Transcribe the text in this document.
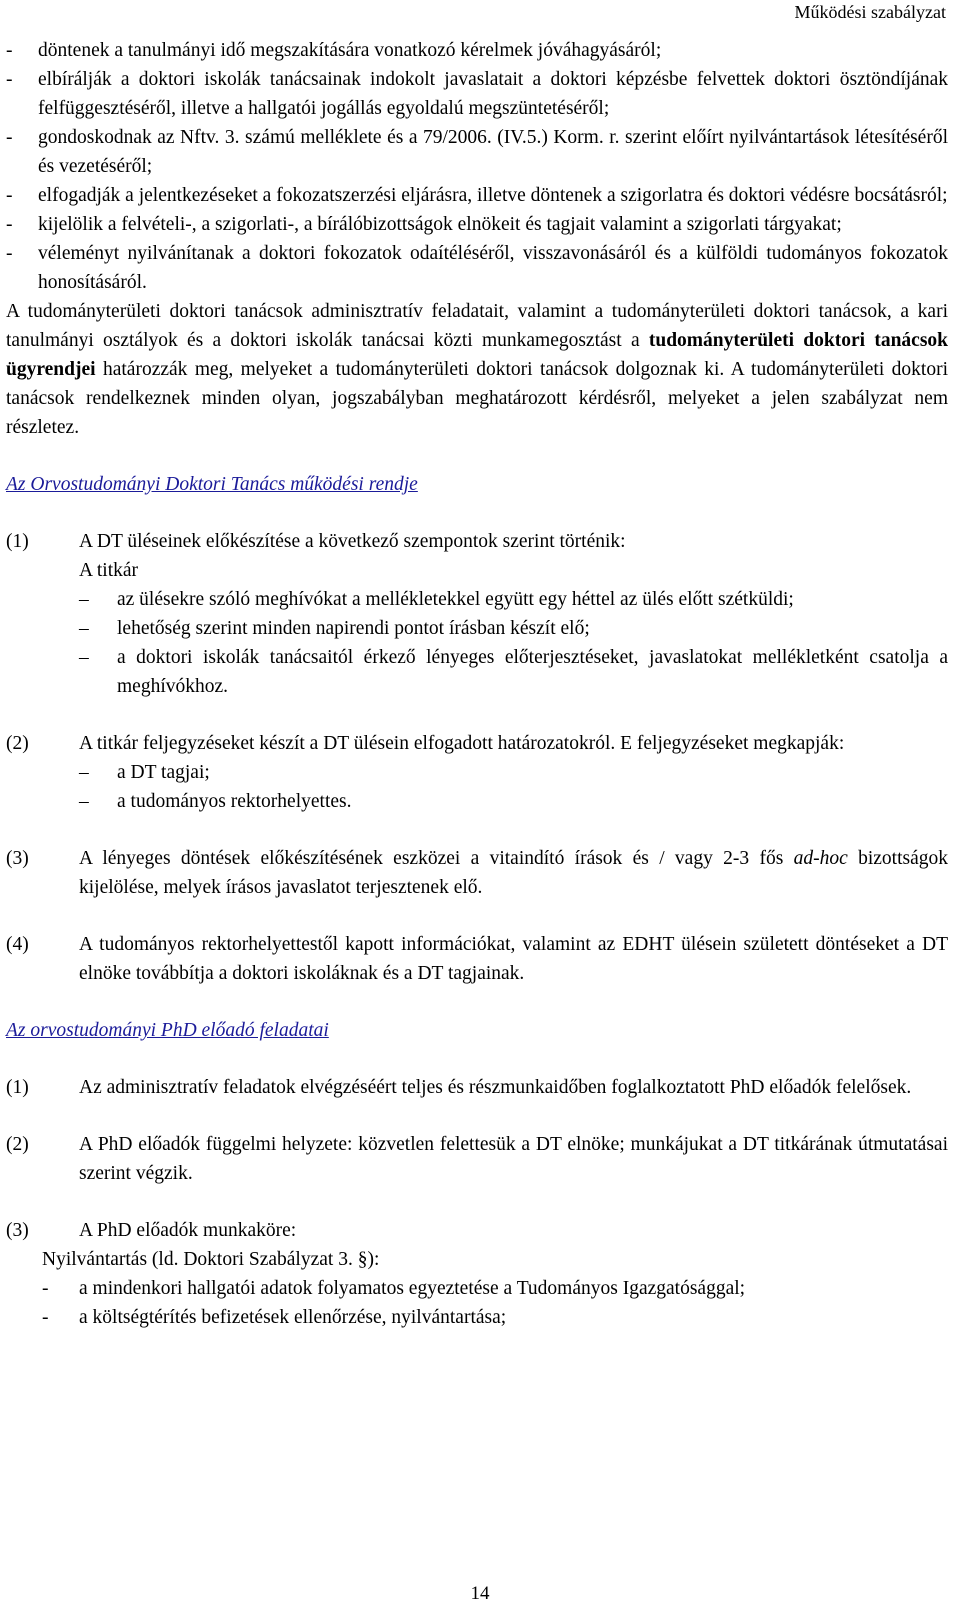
Működési szabályzat
-	döntenek a tanulmányi idő megszakítására vonatkozó kérelmek jóváhagyásáról;
-	elbírálják a doktori iskolák tanácsainak indokolt javaslatait a doktori képzésbe felvettek doktori ösztöndíjának felfüggesztéséről, illetve a hallgatói jogállás egyoldalú megszüntetéséről;
-	gondoskodnak az Nftv. 3. számú melléklete és a 79/2006. (IV.5.) Korm. r. szerint előírt nyilvántartások létesítéséről és vezetéséről;
-	elfogadják a jelentkezéseket a fokozatszerzési eljárásra, illetve döntenek a szigorlatra és doktori védésre bocsátásról;
-	kijelölik a felvételi-, a szigorlati-, a bírálóbizottságok elnökeit és tagjait valamint a szigorlati tárgyakat;
-	véleményt nyilvánítanak a doktori fokozatok odaítéléséről, visszavonásáról és a külföldi tudományos fokozatok honosításáról.

A tudományterületi doktori tanácsok adminisztratív feladatait, valamint a tudományterületi doktori tanácsok, a kari tanulmányi osztályok és a doktori iskolák tanácsai közti munkamegosztást a tudományterületi doktori tanácsok ügyrendjei határozzák meg, melyeket a tudományterületi doktori tanácsok dolgoznak ki. A tudományterületi doktori tanácsok rendelkeznek minden olyan, jogszabályban meghatározott kérdésről, melyeket a jelen szabályzat nem részletez.

Az Orvostudományi Doktori Tanács működési rendje
(1)	A DT üléseinek előkészítése a következő szempontok szerint történik:
A titkár
–	az ülésekre szóló meghívókat a mellékletekkel együtt egy héttel az ülés előtt szétküldi;
–	lehetőség szerint minden napirendi pontot írásban készít elő;
–	a doktori iskolák tanácsaitól érkező lényeges előterjesztéseket, javaslatokat mellékletként csatolja a meghívókhoz.
(2)	A titkár feljegyzéseket készít a DT ülésein elfogadott határozatokról. E feljegyzéseket megkapják:
–	a DT tagjai;
–	a tudományos rektorhelyettes.
(3)	A lényeges döntések előkészítésének eszközei a vitaindító írások és / vagy 2-3 fős ad-hoc bizottságok kijelölése, melyek írásos javaslatot terjesztenek elő.
(4)	A tudományos rektorhelyettestől kapott információkat, valamint az EDHT ülésein született döntéseket a DT elnöke továbbítja a doktori iskoláknak és a DT tagjainak.
Az orvostudományi PhD előadó feladatai
(1)	Az adminisztratív feladatok elvégzéséért teljes és részmunkaidőben foglalkoztatott PhD előadók felelősek.
(2)	A PhD előadók függelmi helyzete: közvetlen felettesük a DT elnöke; munkájukat a DT titkárának útmutatásai szerint végzik.
(3)	A PhD előadók munkaköre:
Nyilvántartás (ld. Doktori Szabályzat 3. §):
-	a mindenkori hallgatói adatok folyamatos egyeztetése a Tudományos Igazgatósággal;
-	a költségtérítés befizetések ellenőrzése, nyilvántartása;
14
